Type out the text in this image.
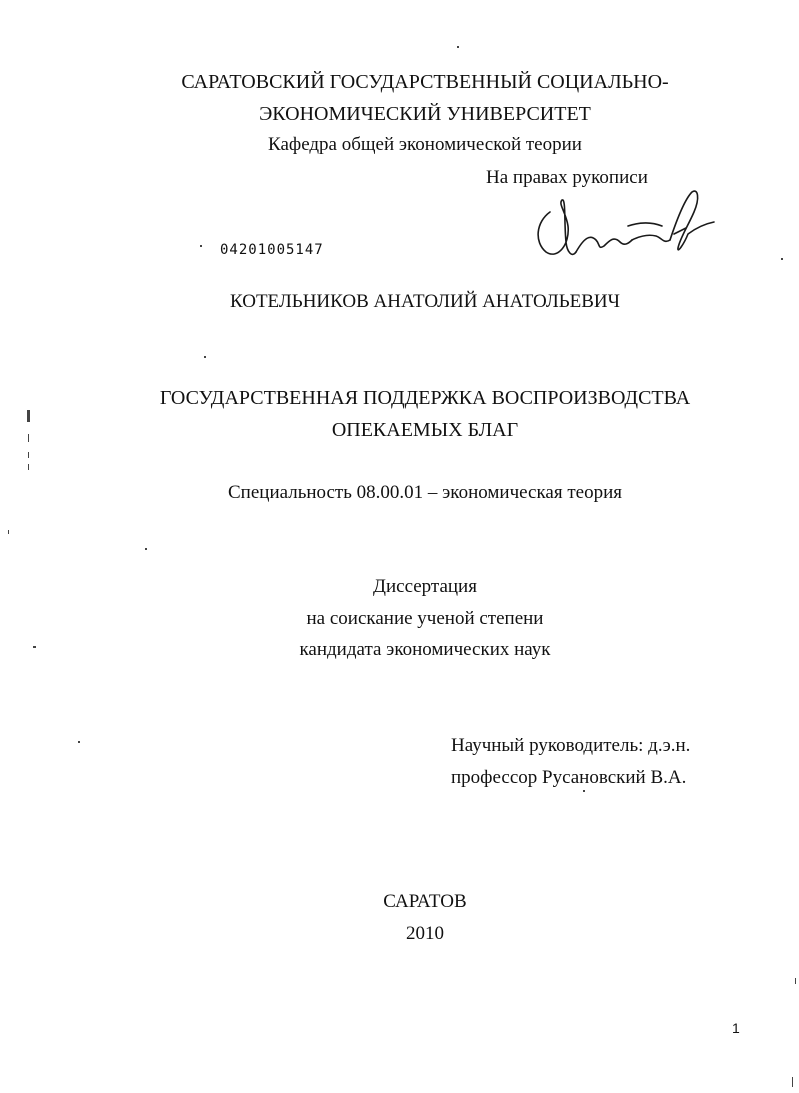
САРАТОВСКИЙ ГОСУДАРСТВЕННЫЙ СОЦИАЛЬНО-
ЭКОНОМИЧЕСКИЙ УНИВЕРСИТЕТ
Кафедра общей экономической теории
На правах рукописи
04201005147
КОТЕЛЬНИКОВ АНАТОЛИЙ АНАТОЛЬЕВИЧ
ГОСУДАРСТВЕННАЯ ПОДДЕРЖКА ВОСПРОИЗВОДСТВА
ОПЕКАЕМЫХ БЛАГ
Специальность 08.00.01 – экономическая теория
Диссертация
на соискание ученой степени
кандидата экономических наук
Научный руководитель: д.э.н.
профессор Русановский В.А.
САРАТОВ
2010
1
